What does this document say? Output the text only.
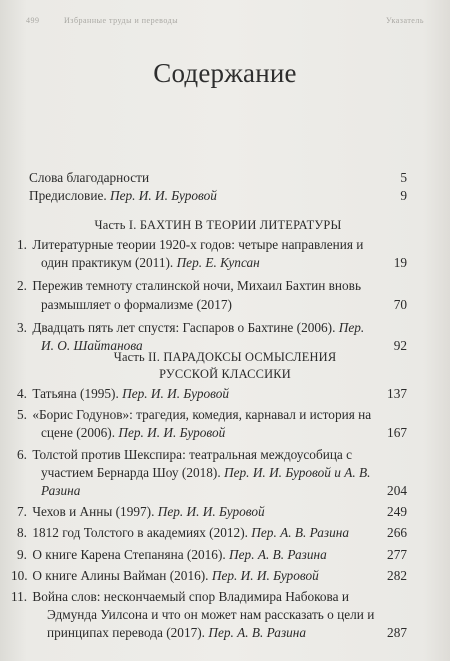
499	Избранные труды и переводы	Указатель
Содержание
Слова благодарности	5
Предисловие. Пер. И. И. Буровой	9
Часть I. БАХТИН В ТЕОРИИ ЛИТЕРАТУРЫ
1. Литературные теории 1920-х годов: четыре направления и один практикум (2011). Пер. Е. Купсан	19
2. Пережив темноту сталинской ночи, Михаил Бахтин вновь размышляет о формализме (2017)	70
3. Двадцать пять лет спустя: Гаспаров о Бахтине (2006). Пер. И. О. Шайтанова	92
Часть II. ПАРАДОКСЫ ОСМЫСЛЕНИЯ РУССКОЙ КЛАССИКИ
4. Татьяна (1995). Пер. И. И. Буровой	137
5. «Борис Годунов»: трагедия, комедия, карнавал и история на сцене (2006). Пер. И. И. Буровой	167
6. Толстой против Шекспира: театральная междоусобица с участием Бернарда Шоу (2018). Пер. И. И. Буровой и А. В. Разина	204
7. Чехов и Анны (1997). Пер. И. И. Буровой	249
8. 1812 год Толстого в академиях (2012). Пер. А. В. Разина	266
9. О книге Карена Степаняна (2016). Пер. А. В. Разина	277
10. О книге Алины Вайман (2016). Пер. И. И. Буровой	282
11. Война слов: нескончаемый спор Владимира Набокова и Эдмунда Уилсона и что он может нам рассказать о цели и принципах перевода (2017). Пер. А. В. Разина	287
